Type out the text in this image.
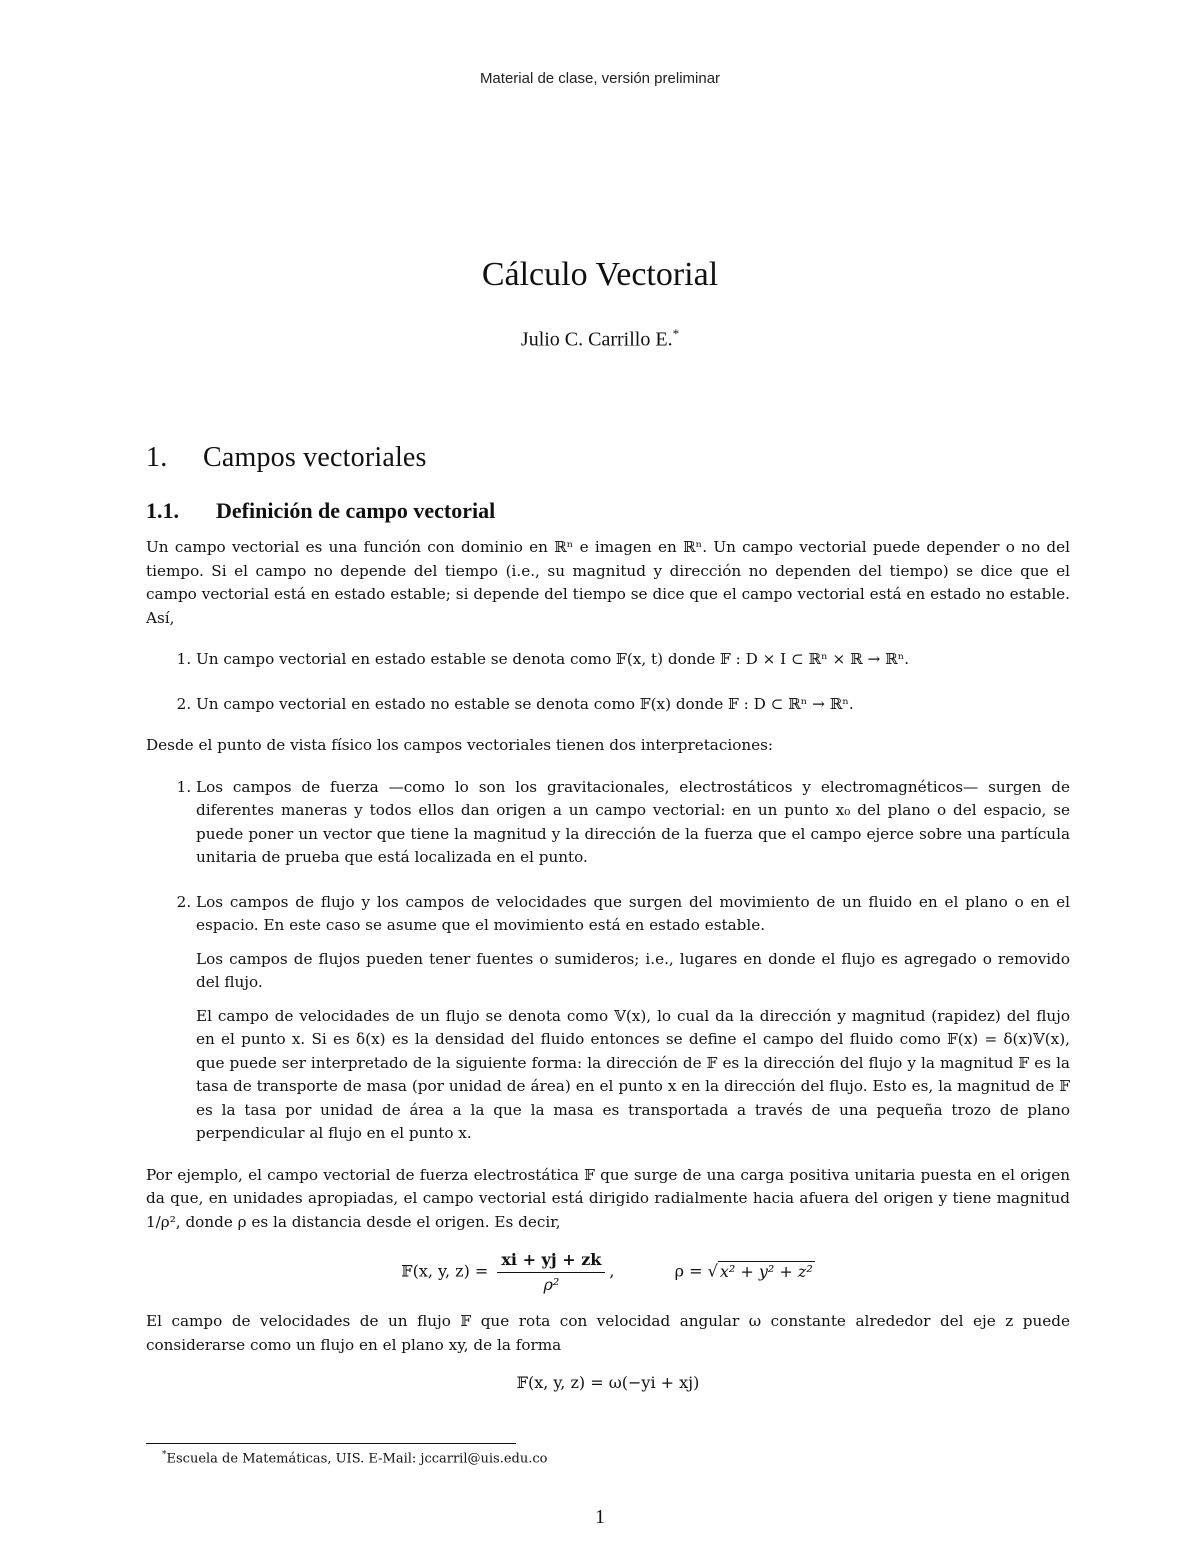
Material de clase, versión preliminar
Cálculo Vectorial
Julio C. Carrillo E.*
1. Campos vectoriales
1.1. Definición de campo vectorial

Un campo vectorial es una función con dominio en ℝⁿ e imagen en ℝⁿ. Un campo vectorial puede depender o no del tiempo. Si el campo no depende del tiempo (i.e., su magnitud y dirección no dependen del tiempo) se dice que el campo vectorial está en estado estable; si depende del tiempo se dice que el campo vectorial está en estado no estable. Así,

1. Un campo vectorial en estado estable se denota como 𝔽(x, t) donde 𝔽 : D × I ⊂ ℝⁿ × ℝ → ℝⁿ.
2. Un campo vectorial en estado no estable se denota como 𝔽(x) donde 𝔽 : D ⊂ ℝⁿ → ℝⁿ.

Desde el punto de vista físico los campos vectoriales tienen dos interpretaciones:

1. Los campos de fuerza —como lo son los gravitacionales, electrostáticos y electromagnéticos— surgen de diferentes maneras y todos ellos dan origen a un campo vectorial: en un punto x₀ del plano o del espacio, se puede poner un vector que tiene la magnitud y la dirección de la fuerza que el campo ejerce sobre una partícula unitaria de prueba que está localizada en el punto.

2. Los campos de flujo y los campos de velocidades que surgen del movimiento de un fluido en el plano o en el espacio. En este caso se asume que el movimiento está en estado estable.

Los campos de flujos pueden tener fuentes o sumideros; i.e., lugares en donde el flujo es agregado o removido del flujo.

El campo de velocidades de un flujo se denota como 𝕍(x), lo cual da la dirección y magnitud (rapidez) del flujo en el punto x. Si es δ(x) es la densidad del fluido entonces se define el campo del fluido como 𝔽(x) = δ(x)𝕍(x), que puede ser interpretado de la siguiente forma: la dirección de 𝔽 es la dirección del flujo y la magnitud 𝔽 es la tasa de transporte de masa (por unidad de área) en el punto x en la dirección del flujo. Esto es, la magnitud de 𝔽 es la tasa por unidad de área a la que la masa es transportada a través de una pequeña trozo de plano perpendicular al flujo en el punto x.

Por ejemplo, el campo vectorial de fuerza electrostática 𝔽 que surge de una carga positiva unitaria puesta en el origen da que, en unidades apropiadas, el campo vectorial está dirigido radialmente hacia afuera del origen y tiene magnitud 1/ρ², donde ρ es la distancia desde el origen. Es decir,

𝔽(x, y, $z) = \frac{xi + yj + zk}{\text{ρ²}}$ ,	ρ = √ x² + y² + z²

El campo de velocidades de un flujo 𝔽 que rota con velocidad angular ω constante alrededor del eje z puede considerarse como un flujo en el plano xy, de la forma

𝔽(x, y, z) = ω(−yi + xj)
*Escuela de Matemáticas, UIS. E-Mail: jccarril@uis.edu.co
1
